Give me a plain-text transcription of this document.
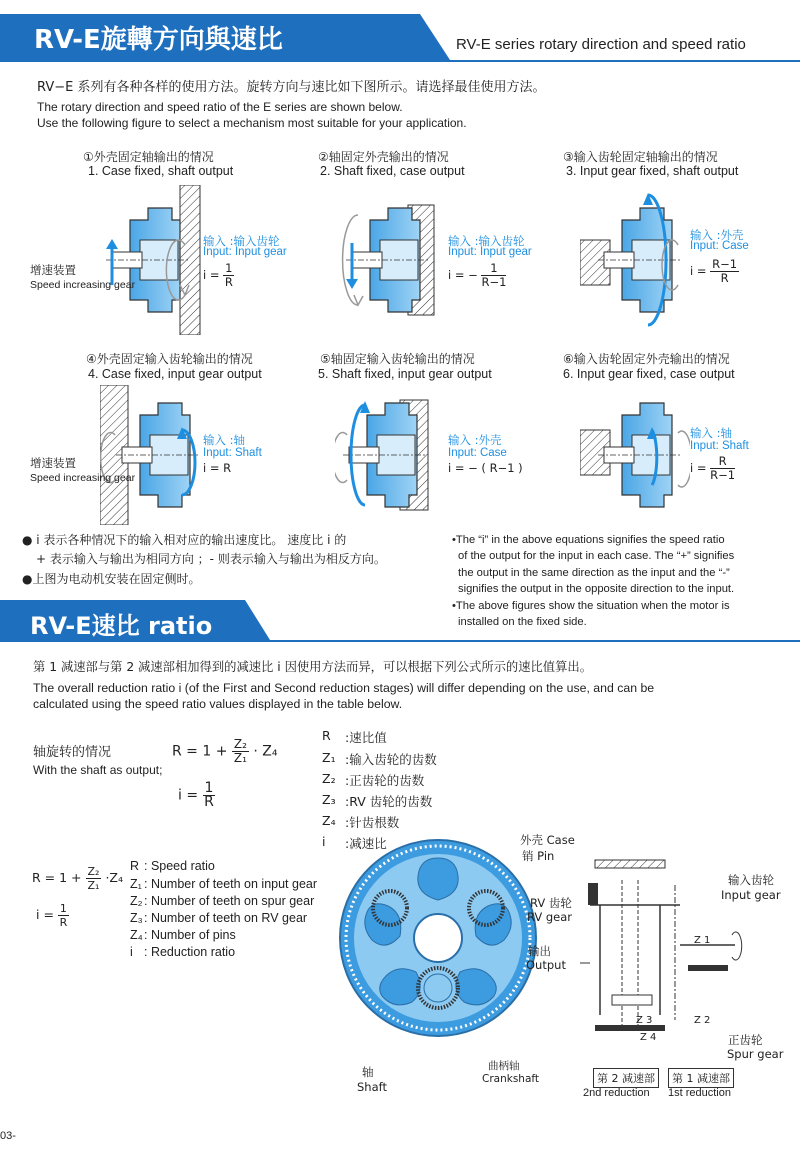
RV-E旋轉方向與速比	RV-E series rotary direction and speed ratio
RV−E 系列有各种各样的使用方法。旋转方向与速比如下图所示。请选择最佳使用方法。
The rotary direction and speed ratio of the E series are shown below.
Use the following figure to select a mechanism most suitable for your application.
①外壳固定轴输出的情况
1. Case fixed, shaft output
输入 :输入齿轮
Input: Input gear
$i = \frac{1}{R}$
增速装置
Speed increasing gear
②轴固定外壳输出的情况
2. Shaft fixed, case output
输入 :输入齿轮
Input: Input gear
i = − $\frac{1}{R-1}$
③输入齿轮固定轴输出的情况
3. Input gear fixed, shaft output
输入 :外壳
Input: Case
$i = \frac{R-1}{R}$
④外壳固定输入齿轮输出的情况
4. Case fixed, input gear output
输入 :轴
Input: Shaft
i = R
增速装置
Speed increasing gear
⑤轴固定输入齿轮输出的情况
5. Shaft fixed, input gear output
输入 :外壳
Input: Case
i = − ( R−1 )
⑥输入齿轮固定外壳输出的情况
6. Input gear fixed, case output
输入 :轴
Input: Shaft
$i = \frac{R}{R-1}$
● i 表示各种情况下的输入相对应的输出速度比。 速度比 i 的
+ 表示输入与输出为相同方向 ；- 则表示输入与输出为相反方向。
●上图为电动机安装在固定侧时。
•The “i” in the above equations signifies the speed ratio
of the output for the input in each case. The “+” signifies
the output in the same direction as the input and the “-”
signifies the output in the opposite direction to the input.
•The above figures show the situation when the motor is
installed on the fixed side.
RV-E速比 ratio
第 1 减速部与第 2 减速部相加得到的减速比 i 因使用方法而异，可以根据下列公式所示的速比值算出。
The overall reduction ratio i (of the First and Second reduction stages) will differ depending on the use, and can be
calculated using the speed ratio values displayed in the table below.
轴旋转的情况
With the shaft as output;
$R = 1 + \frac{\text{Z₂}}{\text{Z₁}} \cdot Z_4$
$i = \frac{1}{R}$
R :速比值
Z₁ :输入齿轮的齿数
Z₂ :正齿轮的齿数
Z₃ :RV 齿轮的齿数
Z₄ :针齿根数
i :减速比
$R = 1 + \frac{\text{Z₂}}{\text{Z₁}} \cdot Z_4$
$i = \frac{1}{R}$
R : Speed ratio
Z₁ : Number of teeth on input gear
Z₂ : Number of teeth on spur gear
Z₃ : Number of teeth on RV gear
Z₄ : Number of pins
i : Reduction ratio
外壳 Case
销 Pin
RV 齿轮
RV gear
输出
Output
输入齿轮
Input gear
正齿轮
Spur gear
轴
Shaft
曲柄轴
Crankshaft
Z 1
Z 2
Z 3
Z 4
第 2 减速部
2nd reduction
第 1 减速部
1st reduction
03-
